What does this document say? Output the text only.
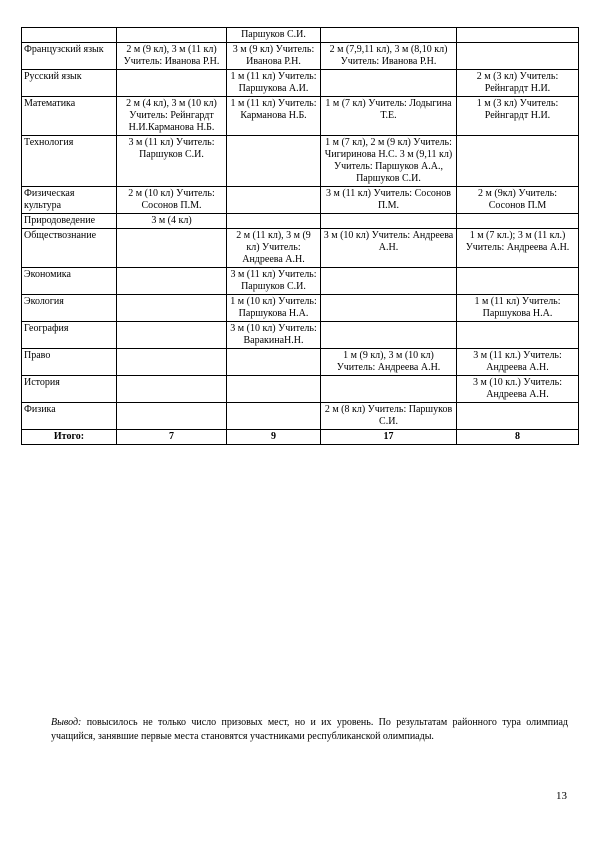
		Паршуков С.И.		
Французский язык	2 м (9 кл), 3 м (11 кл) Учитель: Иванова Р.Н.	3 м (9 кл) Учитель: Иванова Р.Н.	2 м (7,9,11 кл), 3 м (8,10 кл) Учитель: Иванова Р.Н.	
Русский язык		1 м (11 кл) Учитель: Паршукова А.И.		2 м (3 кл) Учитель: Рейнгардт Н.И.
Математика	2 м (4 кл), 3 м (10 кл) Учитель: Рейнгардт Н.И.Карманова Н.Б.	1 м (11 кл) Учитель: Карманова Н.Б.	1 м (7 кл) Учитель: Лодыгина Т.Е.	1 м (3 кл) Учитель: Рейнгардт Н.И.
Технология	3 м (11 кл) Учитель: Паршуков С.И.		1 м (7 кл), 2 м (9 кл) Учитель: Чигиринова Н.С. 3 м (9,11 кл) Учитель: Паршуков А.А., Паршуков С.И.	
Физическая культура	2 м (10 кл) Учитель: Сосонов П.М.		3 м (11 кл) Учитель: Сосонов П.М.	2 м (9кл) Учитель: Сосонов П.М
Природоведение	3 м (4 кл)			
Обществознание		2 м (11 кл), 3 м (9 кл) Учитель: Андреева А.Н.	3 м (10 кл) Учитель: Андреева А.Н.	1 м (7 кл.); 3 м (11 кл.) Учитель: Андреева А.Н.
Экономика		3 м (11 кл) Учитель: Паршуков С.И.		
Экология		1 м (10 кл) Учитель: Паршукова Н.А.		1 м (11 кл) Учитель: Паршукова Н.А.
География		3 м (10 кл) Учитель: ВаракинаН.Н.		
Право			1 м (9 кл), 3 м (10 кл) Учитель: Андреева А.Н.	3 м (11 кл.) Учитель: Андреева А.Н.
История				3 м (10 кл.) Учитель: Андреева А.Н.
Физика			2 м (8 кл) Учитель: Паршуков С.И.	
Итого:	7	9	17	8

Вывод: повысилось не только число призовых мест, но и их уровень. По результатам районного тура олимпиад учащийся, занявшие первые места становятся участниками республиканской олимпиады.

13
